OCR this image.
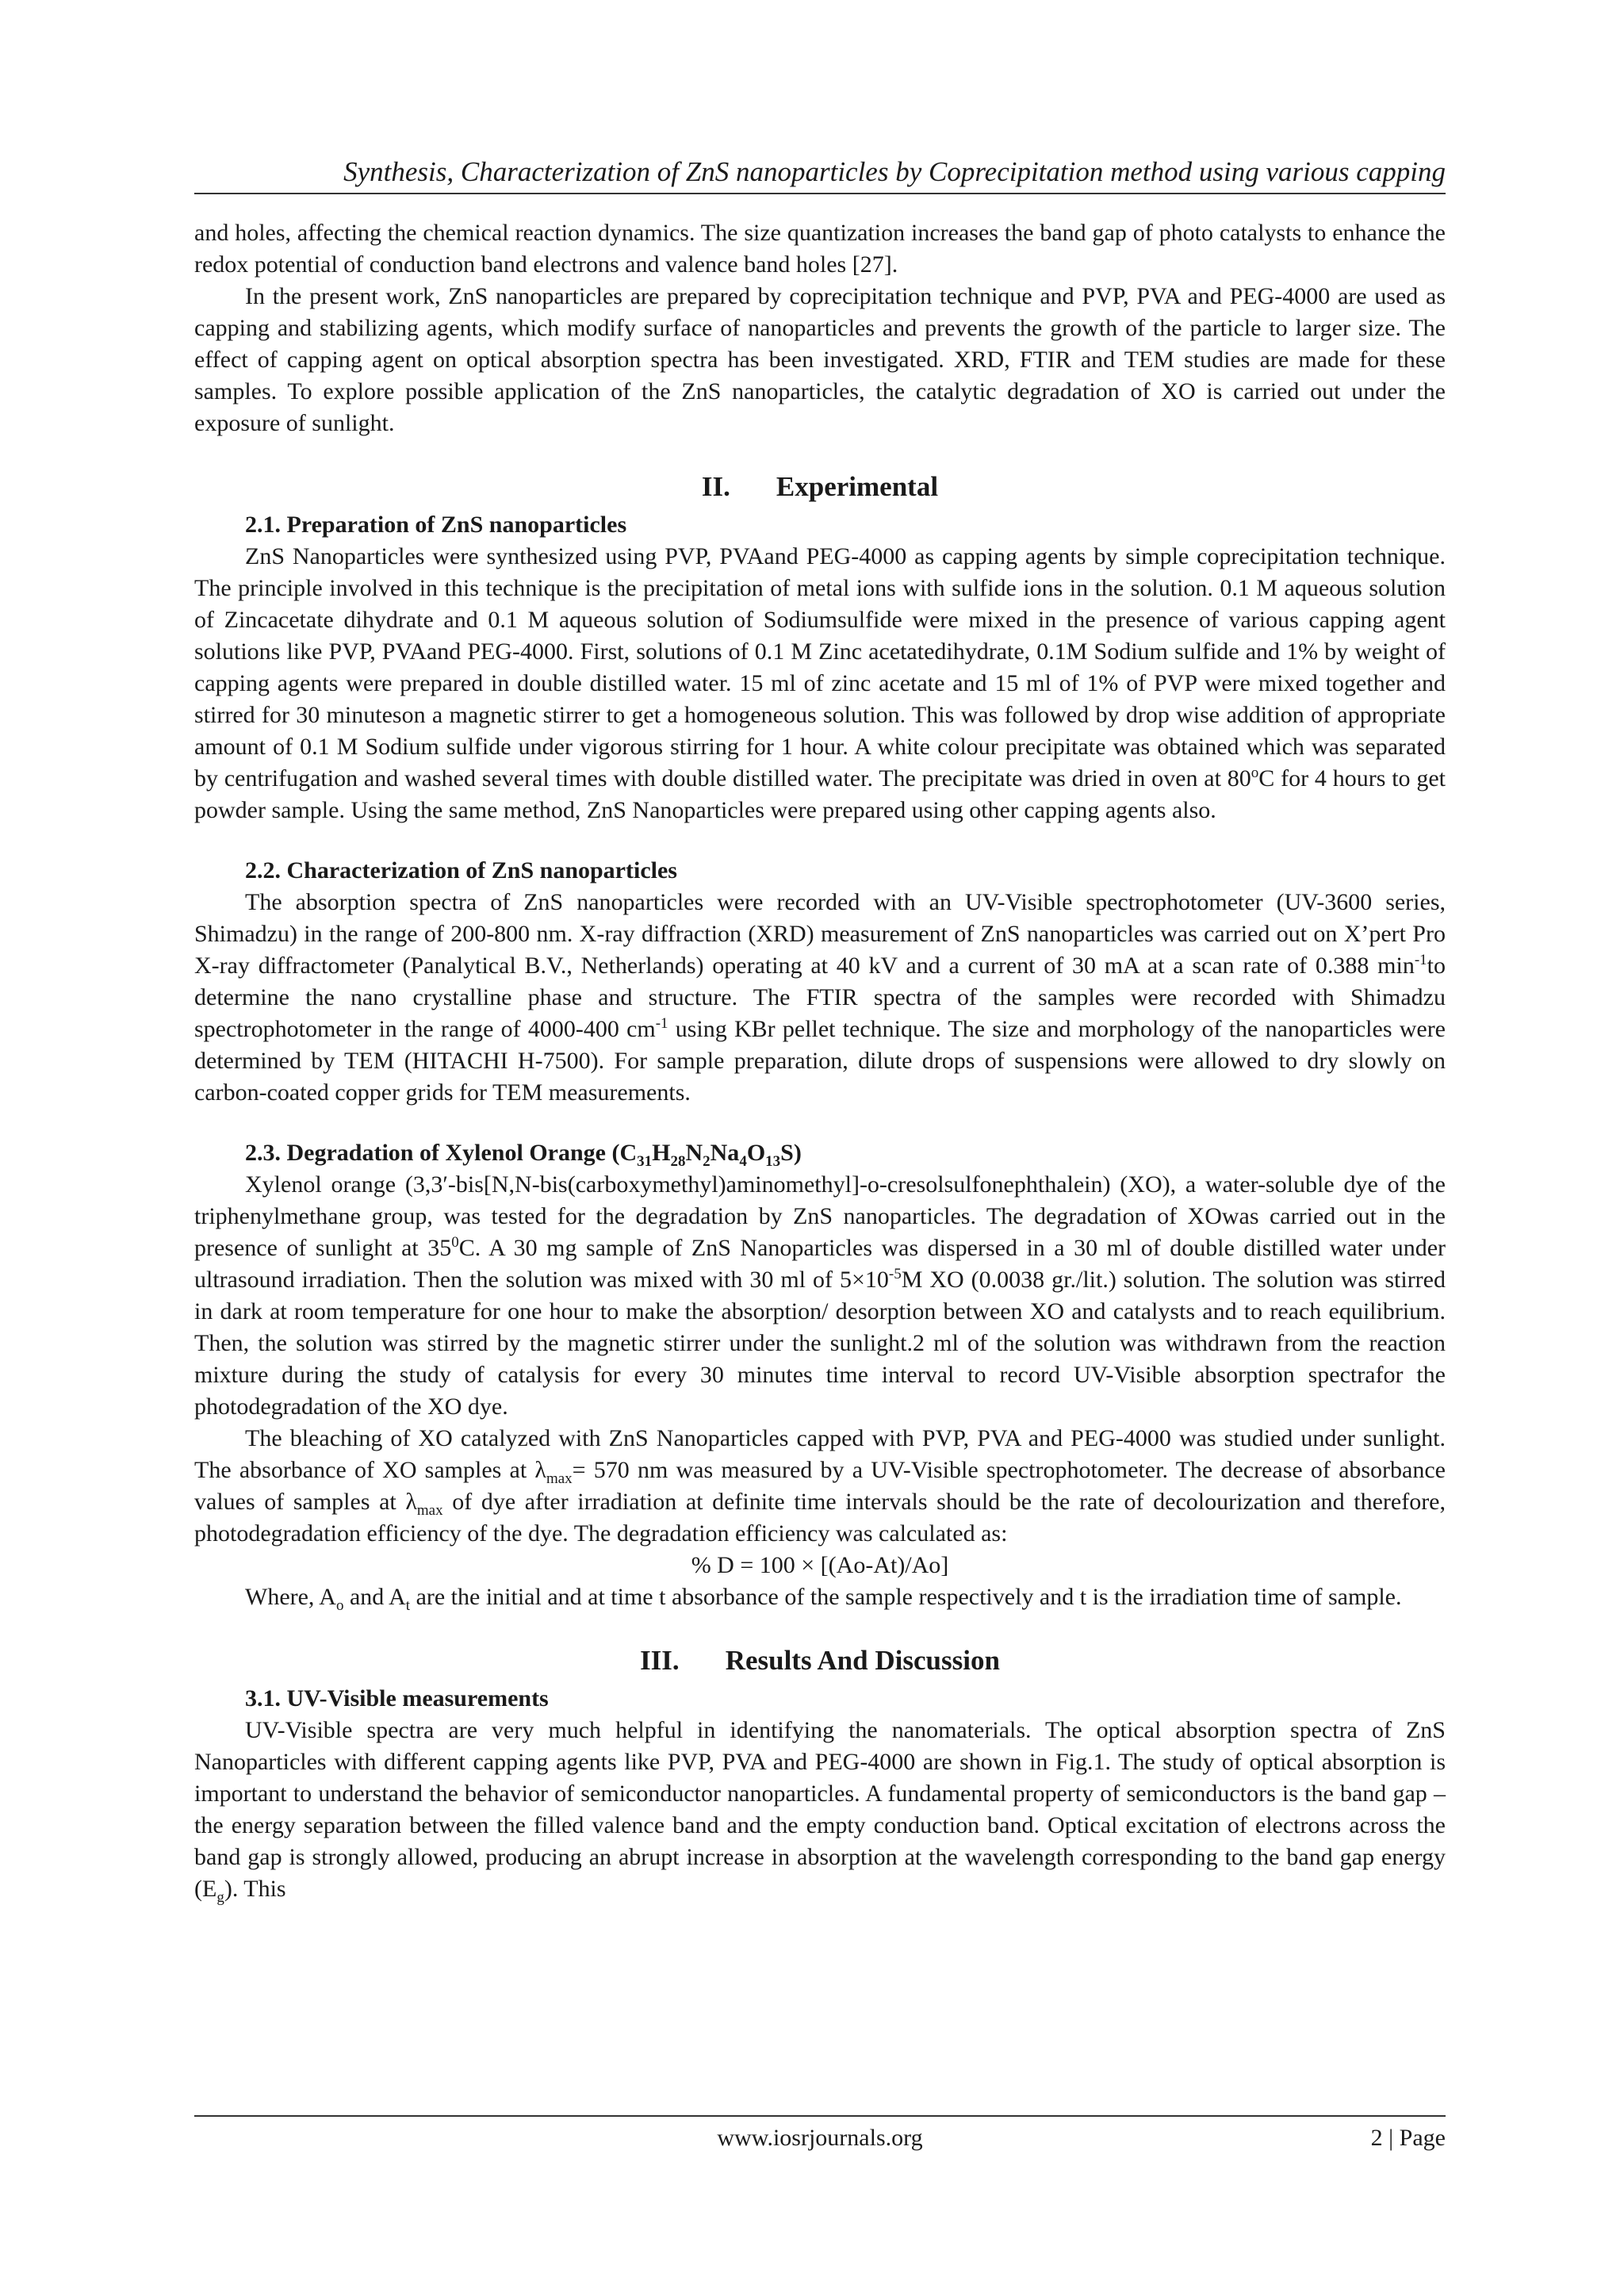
Synthesis, Characterization of ZnS nanoparticles by Coprecipitation method using various capping

and holes, affecting the chemical reaction dynamics. The size quantization increases the band gap of photo catalysts to enhance the redox potential of conduction band electrons and valence band holes [27].

In the present work, ZnS nanoparticles are prepared by coprecipitation technique and PVP, PVA and PEG-4000 are used as capping and stabilizing agents, which modify surface of nanoparticles and prevents the growth of the particle to larger size. The effect of capping agent on optical absorption spectra has been investigated. XRD, FTIR and TEM studies are made for these samples. To explore possible application of the ZnS nanoparticles, the catalytic degradation of XO is carried out under the exposure of sunlight.

II. Experimental
2.1. Preparation of ZnS nanoparticles

ZnS Nanoparticles were synthesized using PVP, PVAand PEG-4000 as capping agents by simple coprecipitation technique. The principle involved in this technique is the precipitation of metal ions with sulfide ions in the solution. 0.1 M aqueous solution of Zincacetate dihydrate and 0.1 M aqueous solution of Sodiumsulfide were mixed in the presence of various capping agent solutions like PVP, PVAand PEG-4000. First, solutions of 0.1 M Zinc acetatedihydrate, 0.1M Sodium sulfide and 1% by weight of capping agents were prepared in double distilled water. 15 ml of zinc acetate and 15 ml of 1% of PVP were mixed together and stirred for 30 minuteson a magnetic stirrer to get a homogeneous solution. This was followed by drop wise addition of appropriate amount of 0.1 M Sodium sulfide under vigorous stirring for 1 hour. A white colour precipitate was obtained which was separated by centrifugation and washed several times with double distilled water. The precipitate was dried in oven at 80$^o$C for 4 hours to get powder sample. Using the same method, ZnS Nanoparticles were prepared using other capping agents also.

2.2. Characterization of ZnS nanoparticles

The absorption spectra of ZnS nanoparticles were recorded with an UV-Visible spectrophotometer (UV-3600 series, Shimadzu) in the range of 200-800 nm. X-ray diffraction (XRD) measurement of ZnS nanoparticles was carried out on X’pert Pro X-ray diffractometer (Panalytical B.V., Netherlands) operating at 40 kV and a current of 30 mA at a scan rate of 0.388 $\min^{-1}to$ determine the nano crystalline phase and structure. The FTIR spectra of the samples were recorded with Shimadzu spectrophotometer in the range of 4000-400 $cm^{-1}$ using KBr pellet technique. The size and morphology of the nanoparticles were determined by TEM (HITACHI H-7500). For sample preparation, dilute drops of suspensions were allowed to dry slowly on carbon-coated copper grids for TEM measurements.

2.3. Degradation of Xylenol Orange $(C_{31}H_{28}N_2Na_4O_{13}S)$

Xylenol orange (3,3′-bis[N,N-bis(carboxymethyl)aminomethyl]-o-cresolsulfonephthalein) (XO), a water-soluble dye of the triphenylmethane group, was tested for the degradation by ZnS nanoparticles. The degradation of XOwas carried out in the presence of sunlight at $35^0C$. A 30 mg sample of ZnS Nanoparticles was dispersed in a 30 ml of double distilled water under ultrasound irradiation. Then the solution was mixed with 30 ml of $5\times 10^{-5}M$ XO (0.0038 gr./lit.) solution. The solution was stirred in dark at room temperature for one hour to make the absorption/ desorption between XO and catalysts and to reach equilibrium. Then, the solution was stirred by the magnetic stirrer under the sunlight.2 ml of the solution was withdrawn from the reaction mixture during the study of catalysis for every 30 minutes time interval to record UV-Visible absorption spectrafor the photodegradation of the XO dye.

The bleaching of XO catalyzed with ZnS Nanoparticles capped with PVP, PVA and PEG-4000 was studied under sunlight. The absorbance of XO samples at $\lambda_{max}= 570$ nm was measured by a UV-Visible spectrophotometer. The decrease of absorbance values of samples at $\lambda_{max}$ of dye after irradiation at definite time intervals should be the rate of decolourization and therefore, photodegradation efficiency of the dye. The degradation efficiency was calculated as:

% D = 100 × [(Ao-At)/Ao]

Where, $A_o$ and $A_t$ are the initial and at time t absorbance of the sample respectively and t is the irradiation time of sample.

III. Results And Discussion
3.1. UV-Visible measurements

UV-Visible spectra are very much helpful in identifying the nanomaterials. The optical absorption spectra of ZnS Nanoparticles with different capping agents like PVP, PVA and PEG-4000 are shown in Fig.1. The study of optical absorption is important to understand the behavior of semiconductor nanoparticles. A fundamental property of semiconductors is the band gap – the energy separation between the filled valence band and the empty conduction band. Optical excitation of electrons across the band gap is strongly allowed, producing an abrupt increase in absorption at the wavelength corresponding to the band gap energy $(E_g)$. This

www.iosrjournals.org	2 | Page
